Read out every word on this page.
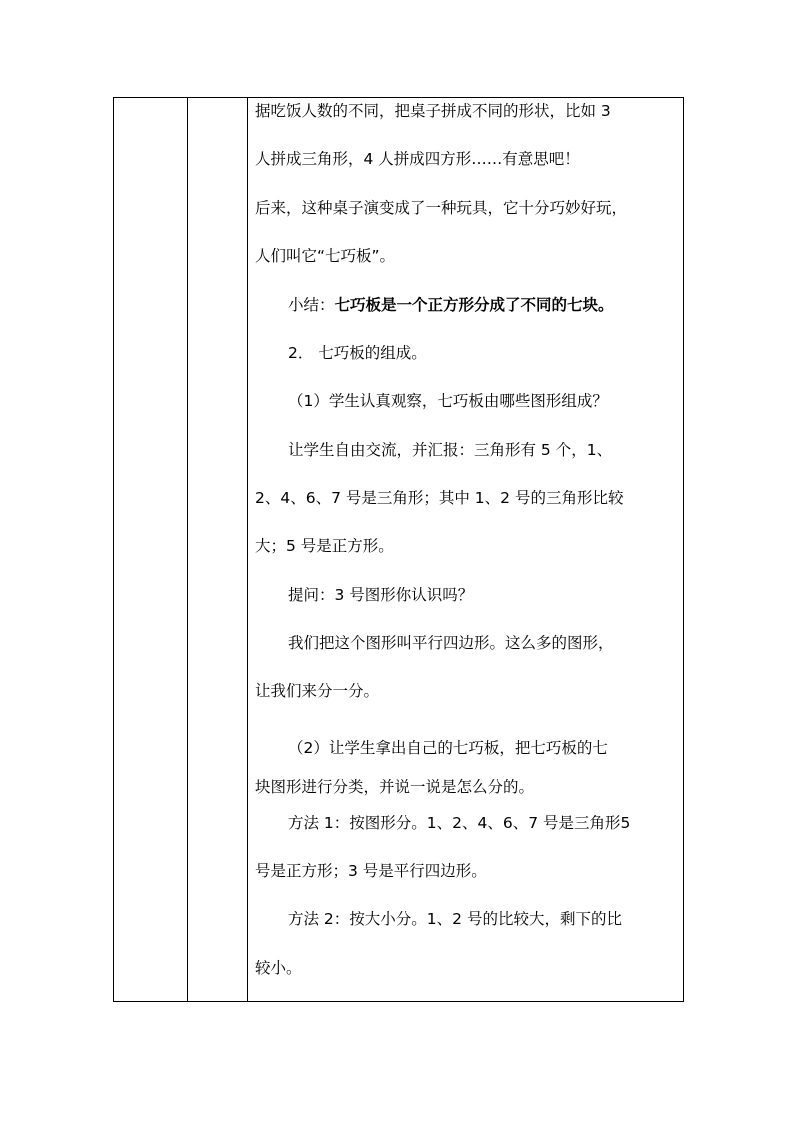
据吃饭人数的不同，把桌子拼成不同的形状，比如 3

人拼成三角形，4 人拼成四方形……有意思吧！

后来，这种桌子演变成了一种玩具，它十分巧妙好玩，

人们叫它“七巧板”。

小结：七巧板是一个正方形分成了不同的七块。

2． 七巧板的组成。

（1）学生认真观察，七巧板由哪些图形组成？

让学生自由交流，并汇报：三角形有 5 个，1、

2、4、6、7 号是三角形；其中 1、2 号的三角形比较

大；5 号是正方形。

提问：3 号图形你认识吗？

我们把这个图形叫平行四边形。这么多的图形，

让我们来分一分。

（2）让学生拿出自己的七巧板，把七巧板的七

块图形进行分类，并说一说是怎么分的。

方法 1：按图形分。1、2、4、6、7 号是三角形5

号是正方形；3 号是平行四边形。

方法 2：按大小分。1、2 号的比较大，剩下的比

较小。
